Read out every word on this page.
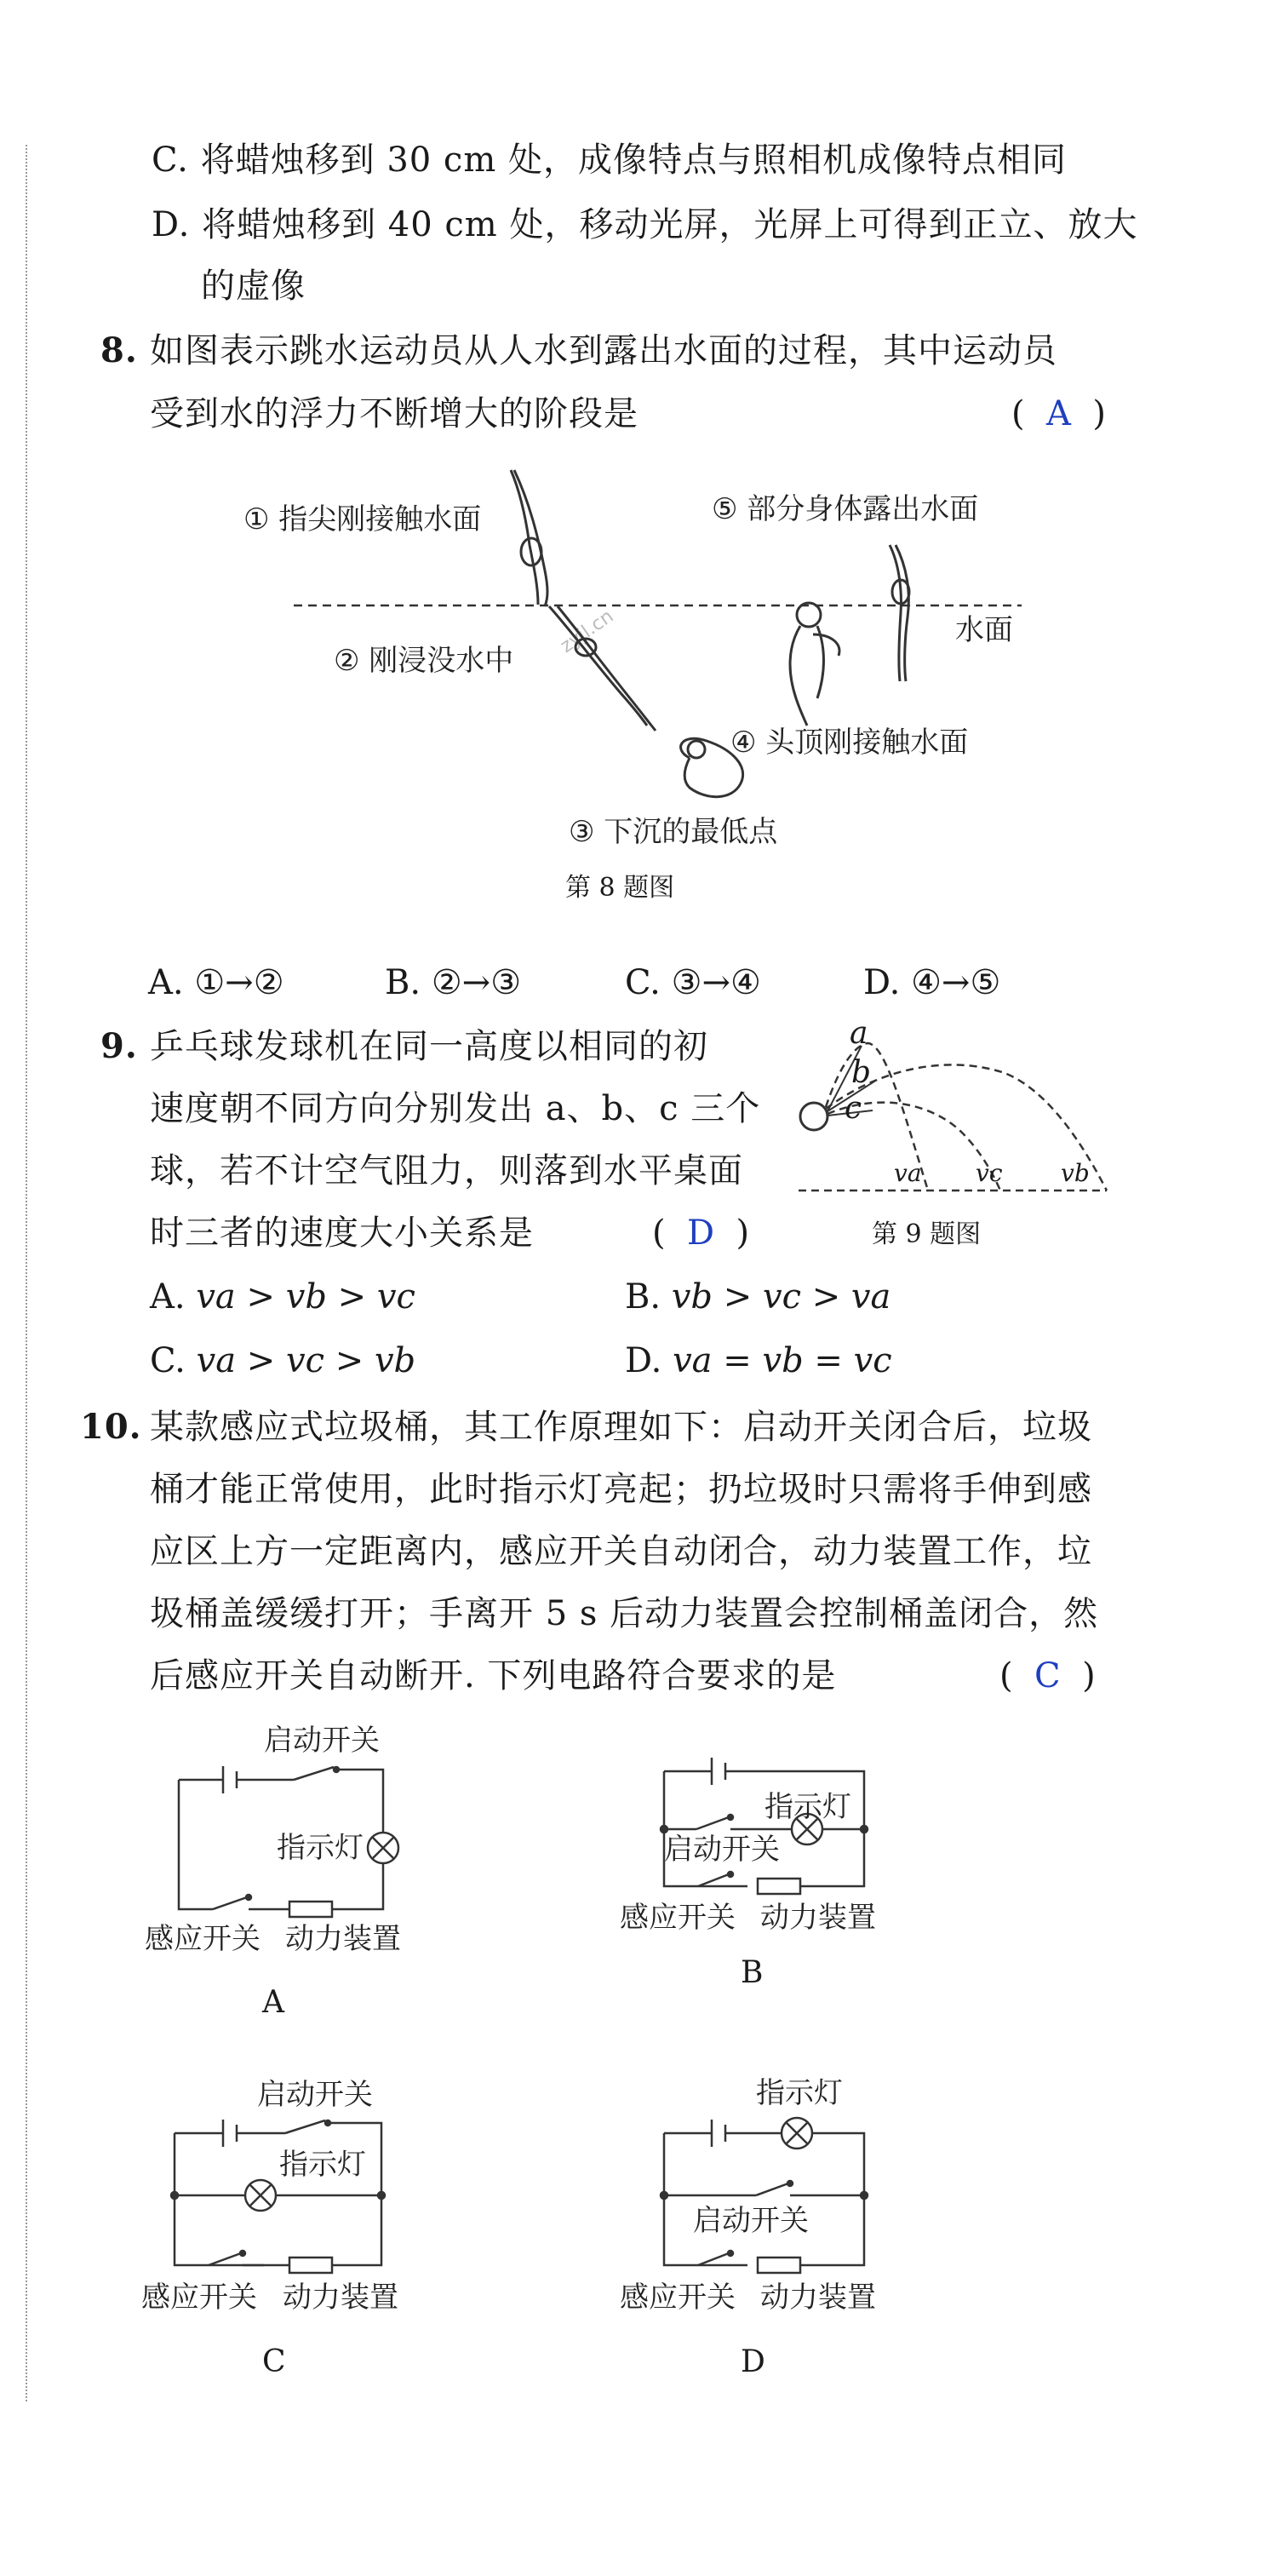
C. 将蜡烛移到 30 cm 处，成像特点与照相机成像特点相同
D. 将蜡烛移到 40 cm 处，移动光屏，光屏上可得到正立、放大
的虚像
8. 如图表示跳水运动员从人水到露出水面的过程，其中运动员
受到水的浮力不断增大的阶段是	(  A  )
① 指尖刚接触水面	⑤ 部分身体露出水面
② 刚浸没水中
④ 头顶刚接触水面
③ 下沉的最低点
水面
zyjl.cn
第 8 题图
A. ①→②	B. ②→③	C. ③→④	D. ④→⑤
9. 乒乓球发球机在同一高度以相同的初
速度朝不同方向分别发出 a、b、c 三个
球，若不计空气阻力，则落到水平桌面
时三者的速度大小关系是	(  D  )
a
b
c
va vc vb
第 9 题图
A. va > vb > vc	B. vb > vc > va
C. va > vc > vb	D. va = vb = vc
10. 某款感应式垃圾桶，其工作原理如下：启动开关闭合后，垃圾
桶才能正常使用，此时指示灯亮起；扔垃圾时只需将手伸到感
应区上方一定距离内，感应开关自动闭合，动力装置工作，垃
圾桶盖缓缓打开；手离开 5 s 后动力装置会控制桶盖闭合，然
后感应开关自动断开. 下列电路符合要求的是	(  C  )
启动开关
指示灯
感应开关 动力装置
A
指示灯
启动开关
感应开关 动力装置
B
启动开关
指示灯
感应开关 动力装置
C
指示灯
启动开关
感应开关 动力装置
D
